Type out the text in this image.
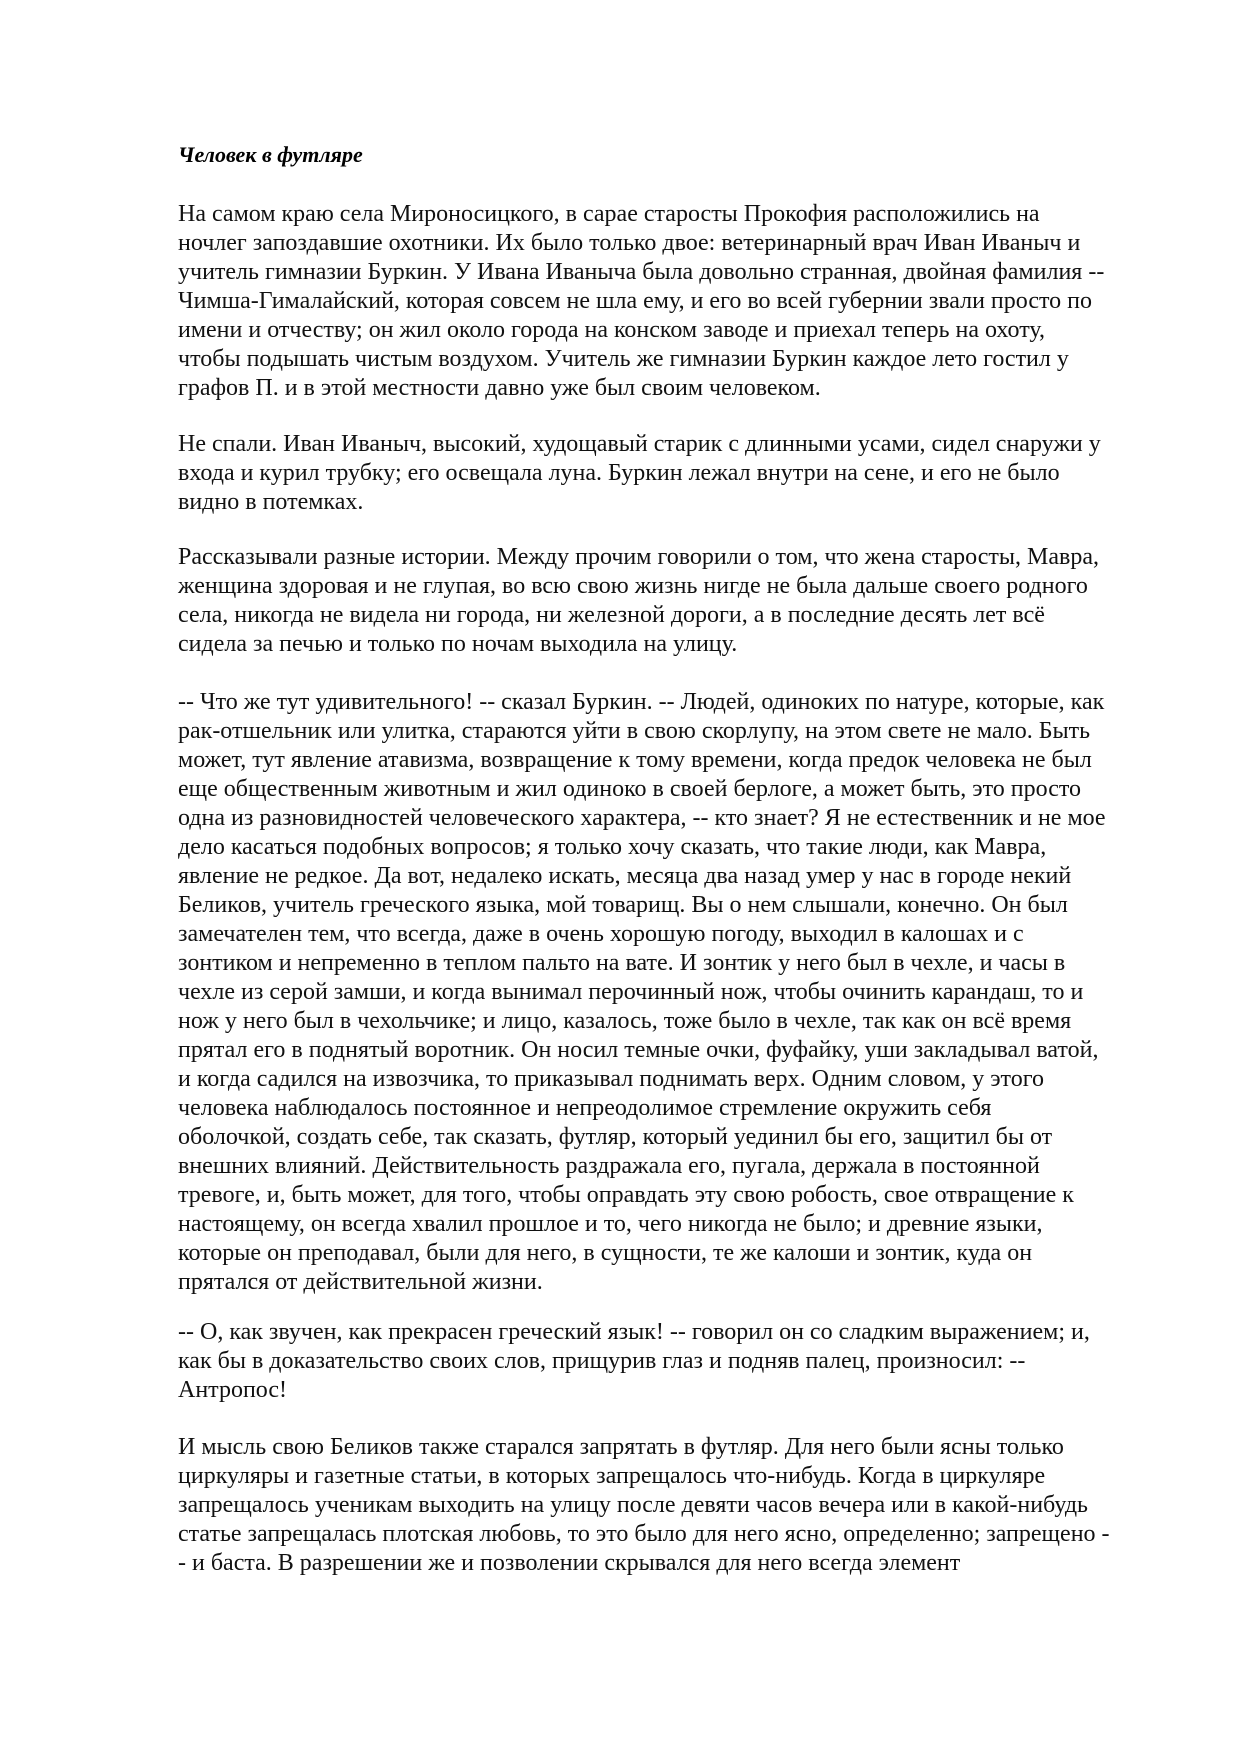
Человек в футляре

На самом краю села Мироносицкого, в сарае старосты Прокофия расположились на
ночлег запоздавшие охотники. Их было только двое: ветеринарный врач Иван Иваныч и
учитель гимназии Буркин. У Ивана Иваныча была довольно странная, двойная фамилия --
Чимша-Гималайский, которая совсем не шла ему, и его во всей губернии звали просто по
имени и отчеству; он жил около города на конском заводе и приехал теперь на охоту,
чтобы подышать чистым воздухом. Учитель же гимназии Буркин каждое лето гостил у
графов П. и в этой местности давно уже был своим человеком.

Не спали. Иван Иваныч, высокий, худощавый старик с длинными усами, сидел снаружи у
входа и курил трубку; его освещала луна. Буркин лежал внутри на сене, и его не было
видно в потемках.

Рассказывали разные истории. Между прочим говорили о том, что жена старосты, Мавра,
женщина здоровая и не глупая, во всю свою жизнь нигде не была дальше своего родного
села, никогда не видела ни города, ни железной дороги, а в последние десять лет всё
сидела за печью и только по ночам выходила на улицу.

-- Что же тут удивительного! -- сказал Буркин. -- Людей, одиноких по натуре, которые, как
рак-отшельник или улитка, стараются уйти в свою скорлупу, на этом свете не мало. Быть
может, тут явление атавизма, возвращение к тому времени, когда предок человека не был
еще общественным животным и жил одиноко в своей берлоге, а может быть, это просто
одна из разновидностей человеческого характера, -- кто знает? Я не естественник и не мое
дело касаться подобных вопросов; я только хочу сказать, что такие люди, как Мавра,
явление не редкое. Да вот, недалеко искать, месяца два назад умер у нас в городе некий
Беликов, учитель греческого языка, мой товарищ. Вы о нем слышали, конечно. Он был
замечателен тем, что всегда, даже в очень хорошую погоду, выходил в калошах и с
зонтиком и непременно в теплом пальто на вате. И зонтик у него был в чехле, и часы в
чехле из серой замши, и когда вынимал перочинный нож, чтобы очинить карандаш, то и
нож у него был в чехольчике; и лицо, казалось, тоже было в чехле, так как он всё время
прятал его в поднятый воротник. Он носил темные очки, фуфайку, уши закладывал ватой,
и когда садился на извозчика, то приказывал поднимать верх. Одним словом, у этого
человека наблюдалось постоянное и непреодолимое стремление окружить себя
оболочкой, создать себе, так сказать, футляр, который уединил бы его, защитил бы от
внешних влияний. Действительность раздражала его, пугала, держала в постоянной
тревоге, и, быть может, для того, чтобы оправдать эту свою робость, свое отвращение к
настоящему, он всегда хвалил прошлое и то, чего никогда не было; и древние языки,
которые он преподавал, были для него, в сущности, те же калоши и зонтик, куда он
прятался от действительной жизни.

-- О, как звучен, как прекрасен греческий язык! -- говорил он со сладким выражением; и,
как бы в доказательство своих слов, прищурив глаз и подняв палец, произносил: --
Антропос!

И мысль свою Беликов также старался запрятать в футляр. Для него были ясны только
циркуляры и газетные статьи, в которых запрещалось что-нибудь. Когда в циркуляре
запрещалось ученикам выходить на улицу после девяти часов вечера или в какой-нибудь
статье запрещалась плотская любовь, то это было для него ясно, определенно; запрещено -
- и баста. В разрешении же и позволении скрывался для него всегда элемент
